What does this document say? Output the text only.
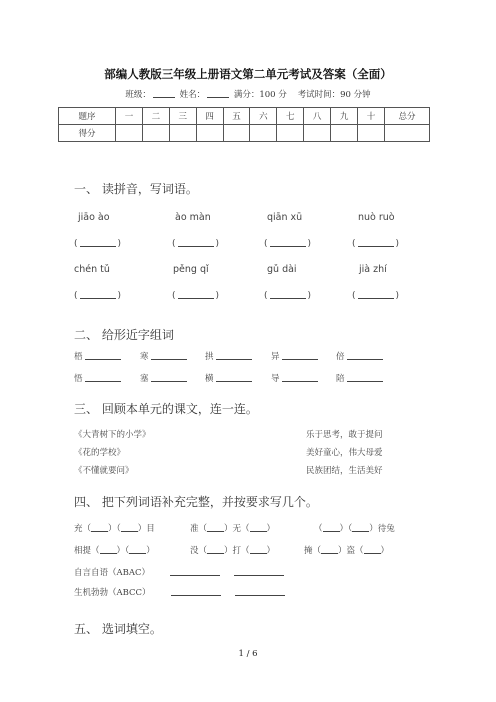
部编人教版三年级上册语文第二单元考试及答案（全面）
班级：	姓名：	满分：100 分 考试时间：90 分钟
题序	一	二	三	四	五	六	七	八	九	十	总分
得分											
一、 读拼音，写词语。
jiāo ào	ào màn	qiān xū	nuò ruò
(	)	(	)	(	)	(	)
chén tǔ	pěng qǐ	gǔ dài	jià zhí
(	)	(	)	(	)	(	)
二、 给形近字组词
梧	寒	拱	异	倍
悟	塞	横	导	陪
三、 回顾本单元的课文，连一连。
《大青树下的小学》
《花的学校》
《不懂就要问》
乐于思考，敢于提问
美好童心，伟大母爱
民族团结，生活美好
四、 把下列词语补充完整，并按要求写几个。
充（ ）（ ）目	准（ ）无（ ）	（ ）（ ）待兔
相提（ ）（ ）	没（ ）打（ ）	掩（ ）盗（ ）
自言自语（ABAC）
生机勃勃（ABCC）
五、 选词填空。
1 / 6
